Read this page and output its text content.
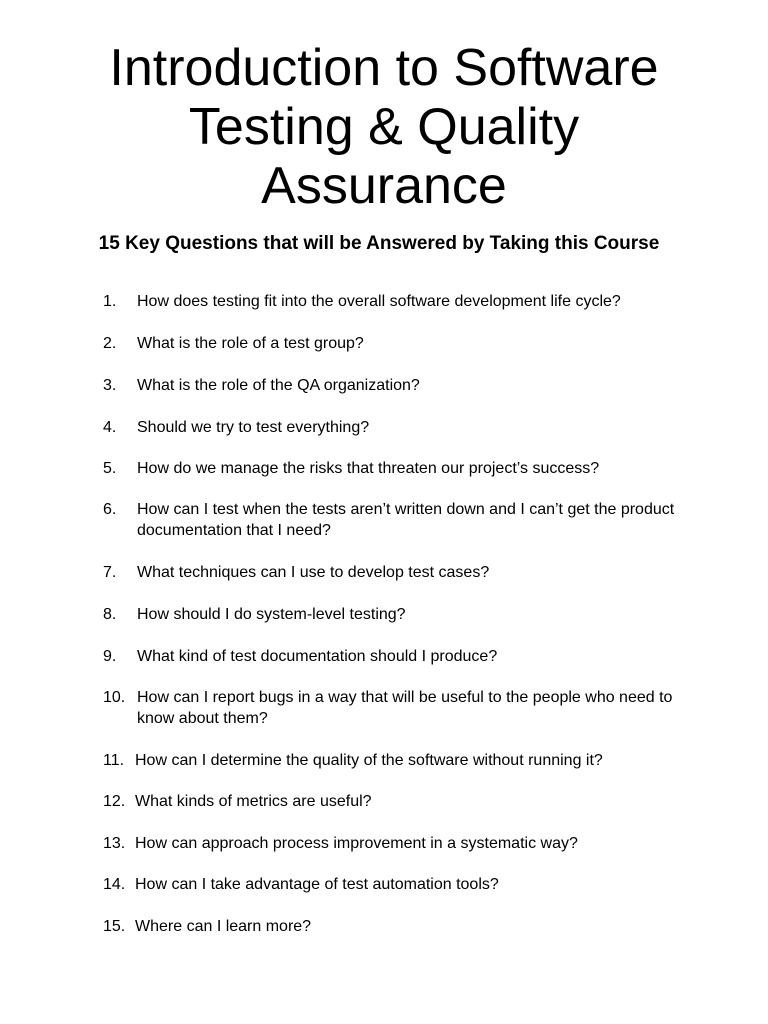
Introduction to Software
Testing & Quality
Assurance
15 Key Questions that will be Answered by Taking this Course
1. How does testing fit into the overall software development life cycle?
2. What is the role of a test group?
3. What is the role of the QA organization?
4. Should we try to test everything?
5. How do we manage the risks that threaten our project’s success?
6. How can I test when the tests aren’t written down and I can’t get the product documentation that I need?
7. What techniques can I use to develop test cases?
8. How should I do system-level testing?
9. What kind of test documentation should I produce?
10. How can I report bugs in a way that will be useful to the people who need to know about them?
11. How can I determine the quality of the software without running it?
12. What kinds of metrics are useful?
13. How can approach process improvement in a systematic way?
14. How can I take advantage of test automation tools?
15. Where can I learn more?
